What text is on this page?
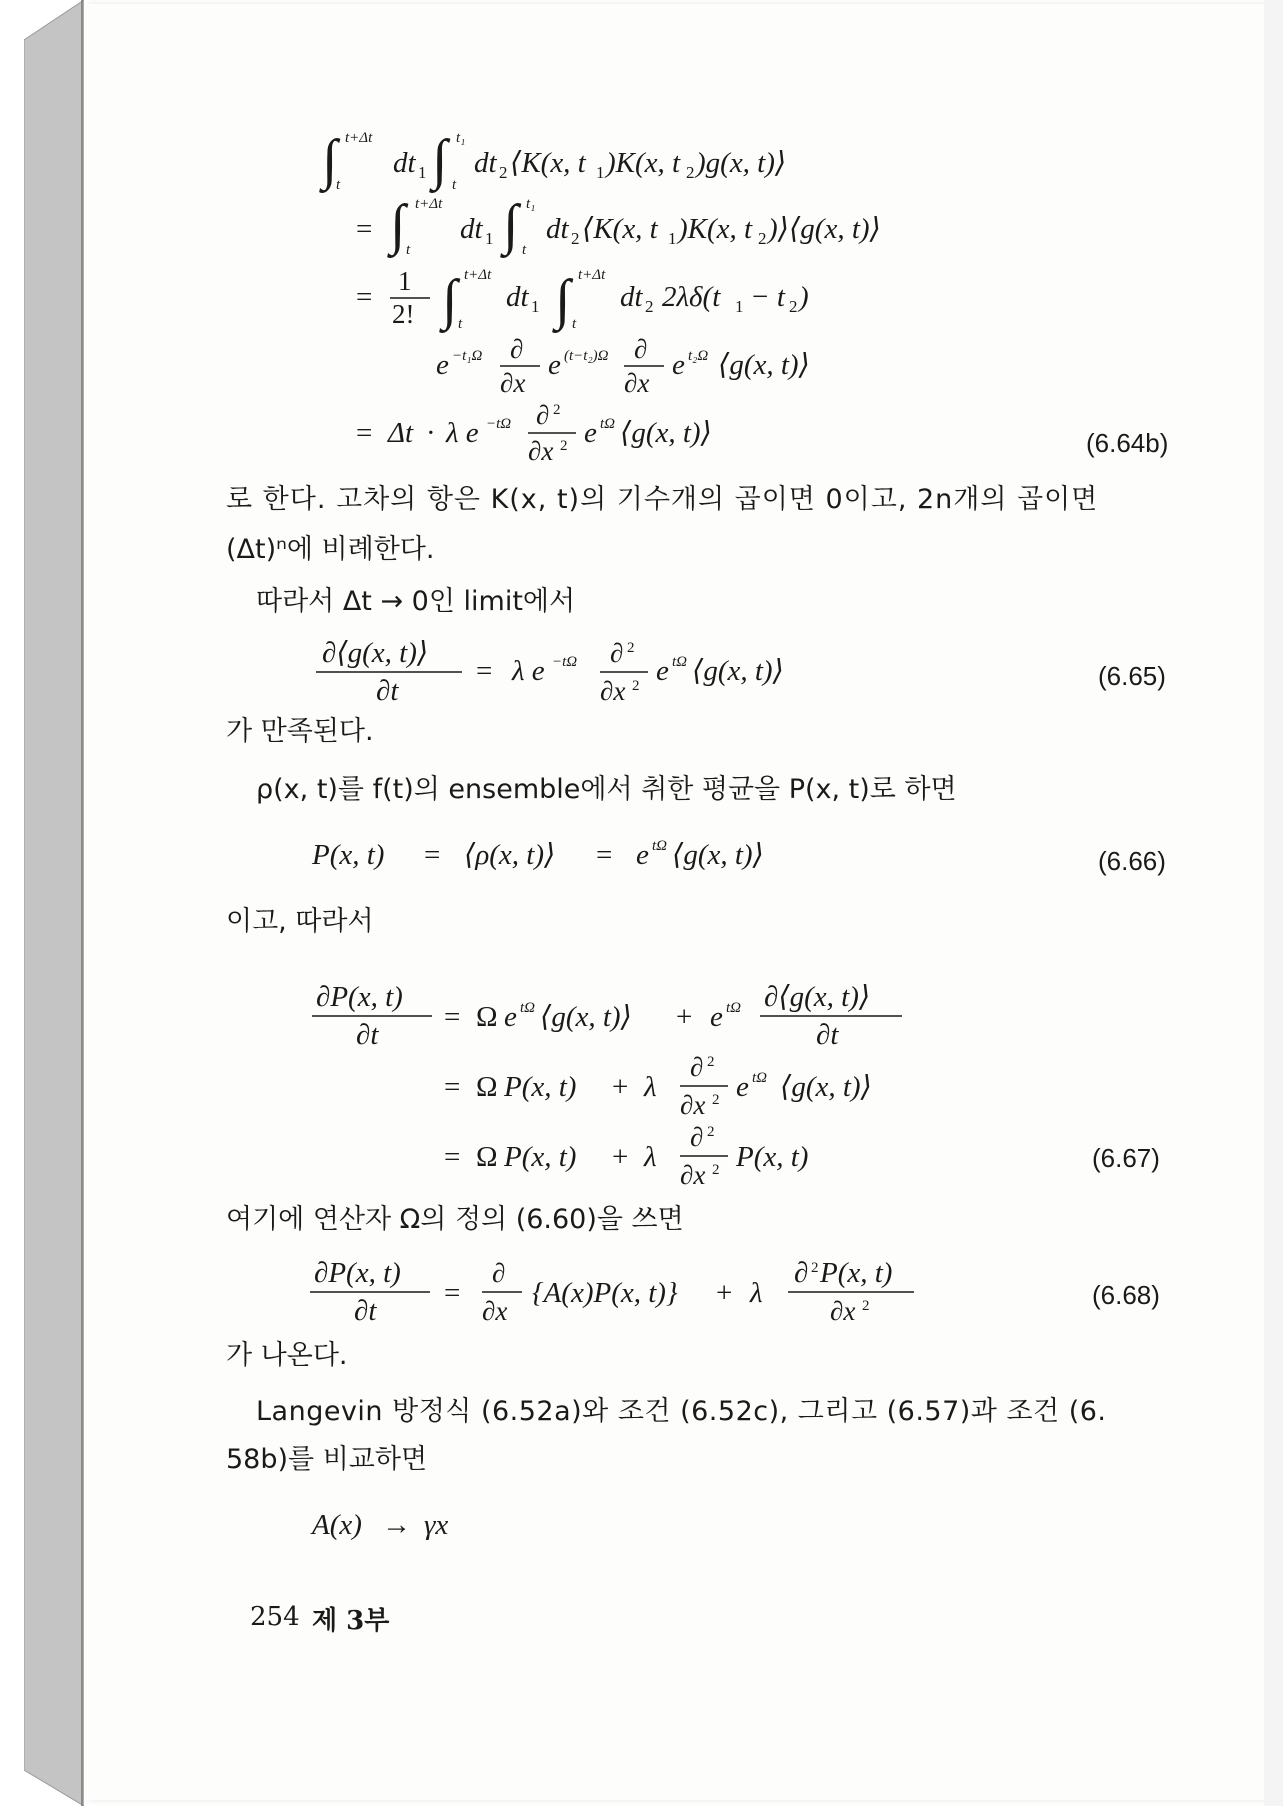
∫ t+Δt
t
dt 1 ∫ t₁
t
dt 2 ⟨K(x, t 1 )K(x, t 2 )g(x, t)⟩
= ∫ t+Δt
t
dt 1 ∫ t₁
t
dt 2 ⟨K(x, t 1 )K(x, t 2 )⟩⟨g(x, t)⟩
= 1
2! ∫ t+Δt
t
dt 1 ∫ t+Δt
t
dt 2 2λδ(t 1 − t 2 )
e −t₁Ω ∂
∂x
e (t−t₂)Ω ∂
∂x
e t₂Ω ⟨g(x, t)⟩
= Δt · λ e −tΩ ∂ 2
∂x 2 e tΩ ⟨g(x, t)⟩
∂⟨g(x, t)⟩
∂t
= λ e −tΩ ∂ 2
∂x 2 e tΩ ⟨g(x, t)⟩
P(x, t) = ⟨ρ(x, t)⟩ = e tΩ ⟨g(x, t)⟩
∂P(x, t)
∂t
= Ω e tΩ ⟨g(x, t)⟩ + e tΩ ∂⟨g(x, t)⟩
∂t
= Ω P(x, t) + λ
∂ 2
∂x 2 e tΩ ⟨g(x, t)⟩
= Ω P(x, t) + λ
∂ 2
∂x 2 P(x, t)
∂P(x, t)
∂t
=
∂
∂x
{A(x)P(x, t)} + λ
∂ 2 P(x, t)
∂x 2
A(x) → γx
(6.64b)
(6.65)
(6.66)
(6.67)
(6.68)
로 한다. 고차의 항은 K(x, t)의 기수개의 곱이면 0이고, 2n개의 곱이면
(Δt)ⁿ에 비례한다.
따라서 Δt → 0인 limit에서
가 만족된다.
ρ(x, t)를 f(t)의 ensemble에서 취한 평균을 P(x, t)로 하면
이고, 따라서
여기에 연산자 Ω의 정의 (6.60)을 쓰면
가 나온다.
Langevin 방정식 (6.52a)와 조건 (6.52c), 그리고 (6.57)과 조건 (6.
58b)를 비교하면
254 제 3부
